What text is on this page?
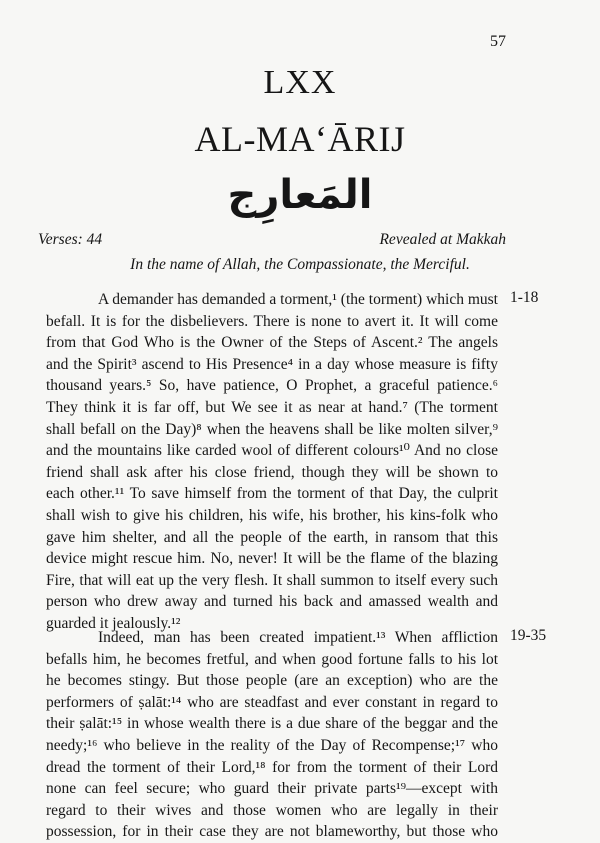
57
LXX
AL-MA‘ĀRIJ
المَعارِج
Verses: 44	Revealed at Makkah
In the name of Allah, the Compassionate, the Merciful.
1-18
A demander has demanded a torment,¹ (the torment) which must
befall. It is for the disbelievers. There is none to avert it. It will come
from that God Who is the Owner of the Steps of Ascent.² The angels
and the Spirit³ ascend to His Presence⁴ in a day whose measure is fifty
thousand years.⁵ So, have patience, O Prophet, a graceful patience.⁶
They think it is far off, but We see it as near at hand.⁷ (The torment
shall befall on the Day)⁸ when the heavens shall be like molten silver,⁹
and the mountains like carded wool of different colours¹⁰ And no close
friend shall ask after his close friend, though they will be shown to
each other.¹¹ To save himself from the torment of that Day, the culprit
shall wish to give his children, his wife, his brother, his kins-folk who
gave him shelter, and all the people of the earth, in ransom that this
device might rescue him. No, never! It will be the flame of the blazing
Fire, that will eat up the very flesh. It shall summon to itself every such
person who drew away and turned his back and amassed wealth and
guarded it jealously.¹²
19-35
Indeed, man has been created impatient.¹³ When affliction
befalls him, he becomes fretful, and when good fortune falls to his lot
he becomes stingy. But those people (are an exception) who are the
performers of ṣalāt:¹⁴ who are steadfast and ever constant in regard to
their ṣalāt:¹⁵ in whose wealth there is a due share of the beggar and the
needy;¹⁶ who believe in the reality of the Day of Recompense;¹⁷ who
dread the torment of their Lord,¹⁸ for from the torment of their Lord
none can feel secure; who guard their private parts¹⁹—except with
regard to their wives and those women who are legally in their
possession, for in their case they are not blameworthy, but those who
